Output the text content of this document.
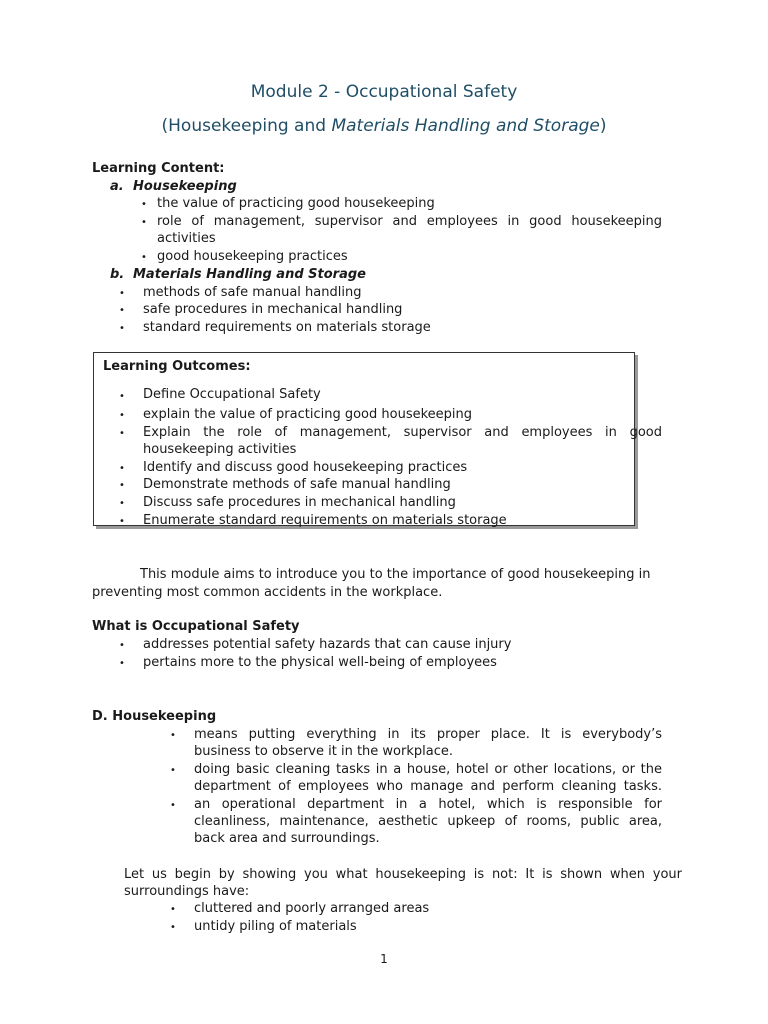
Module 2 - Occupational Safety
(Housekeeping and Materials Handling and Storage)
Learning Content:
a. Housekeeping
• the value of practicing good housekeeping
• role of management, supervisor and employees in good housekeeping
activities
• good housekeeping practices
b. Materials Handling and Storage
• methods of safe manual handling
• safe procedures in mechanical handling
• standard requirements on materials storage
Learning Outcomes:
• Define Occupational Safety
• explain the value of practicing good housekeeping
• Explain the role of management, supervisor and employees in good
housekeeping activities
• Identify and discuss good housekeeping practices
• Demonstrate methods of safe manual handling
• Discuss safe procedures in mechanical handling
• Enumerate standard requirements on materials storage
This module aims to introduce you to the importance of good housekeeping in
preventing most common accidents in the workplace.
What is Occupational Safety
• addresses potential safety hazards that can cause injury
• pertains more to the physical well-being of employees
D. Housekeeping
• means putting everything in its proper place. It is everybody’s
business to observe it in the workplace.
• doing basic cleaning tasks in a house, hotel or other locations, or the
department of employees who manage and perform cleaning tasks.
• an operational department in a hotel, which is responsible for
cleanliness, maintenance, aesthetic upkeep of rooms, public area,
back area and surroundings.
Let us begin by showing you what housekeeping is not: It is shown when your
surroundings have:
• cluttered and poorly arranged areas
• untidy piling of materials
1
